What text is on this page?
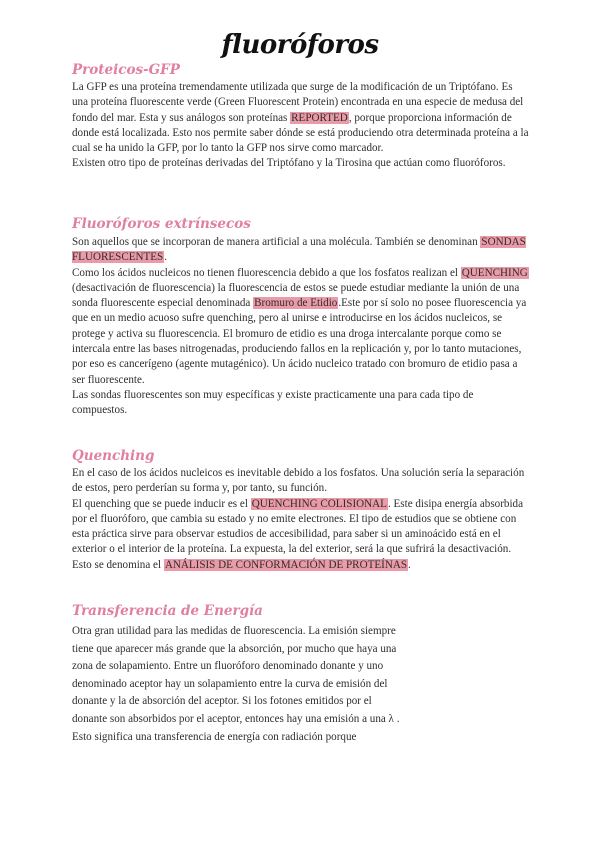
fluoróforos
Proteicos-GFP

La GFP es una proteína tremendamente utilizada que surge de la modificación de un Triptófano. Es una proteína fluorescente verde (Green Fluorescent Protein) encontrada en una especie de medusa del fondo del mar. Esta y sus análogos son proteínas REPORTED, porque proporciona información de donde está localizada. Esto nos permite saber dónde se está produciendo otra determinada proteína a la cual se ha unido la GFP, por lo tanto la GFP nos sirve como marcador.

Existen otro tipo de proteínas derivadas del Triptófano y la Tirosina que actúan como fluoróforos.

Fluoróforos extrínsecos

Son aquellos que se incorporan de manera artificial a una molécula. También se denominan SONDAS FLUORESCENTES.

Como los ácidos nucleicos no tienen fluorescencia debido a que los fosfatos realizan el QUENCHING (desactivación de fluorescencia) la fluorescencia de estos se puede estudiar mediante la unión de una sonda fluorescente especial denominada Bromuro de Etidio.Este por sí solo no posee fluorescencia ya que en un medio acuoso sufre quenching, pero al unirse e introducirse en los ácidos nucleicos, se protege y activa su fluorescencia. El bromuro de etidio es una droga intercalante porque como se intercala entre las bases nitrogenadas, produciendo fallos en la replicación y, por lo tanto mutaciones, por eso es cancerígeno (agente mutagénico). Un ácido nucleico tratado con bromuro de etidio pasa a ser fluorescente.

Las sondas fluorescentes son muy específicas y existe practicamente una para cada tipo de compuestos.

Quenching

En el caso de los ácidos nucleicos es inevitable debido a los fosfatos. Una solución sería la separación de estos, pero perderían su forma y, por tanto, su función.

El quenching que se puede inducir es el QUENCHING COLISIONAL. Este disipa energía absorbida por el fluoróforo, que cambia su estado y no emite electrones. El tipo de estudios que se obtiene con esta práctica sirve para observar estudios de accesibilidad, para saber si un aminoácido está en el exterior o el interior de la proteína. La expuesta, la del exterior, será la que sufrirá la desactivación. Esto se denomina el ANÁLISIS DE CONFORMACIÓN DE PROTEÍNAS.

Transferencia de Energía

Otra gran utilidad para las medidas de fluorescencia. La emisión siempre tiene que aparecer más grande que la absorción, por mucho que haya una zona de solapamiento. Entre un fluoróforo denominado donante y uno denominado aceptor hay un solapamiento entre la curva de emisión del donante y la de absorción del aceptor. Si los fotones emitidos por el donante son absorbidos por el aceptor, entonces hay una emisión a una λ . Esto significa una transferencia de energía con radiación porque
